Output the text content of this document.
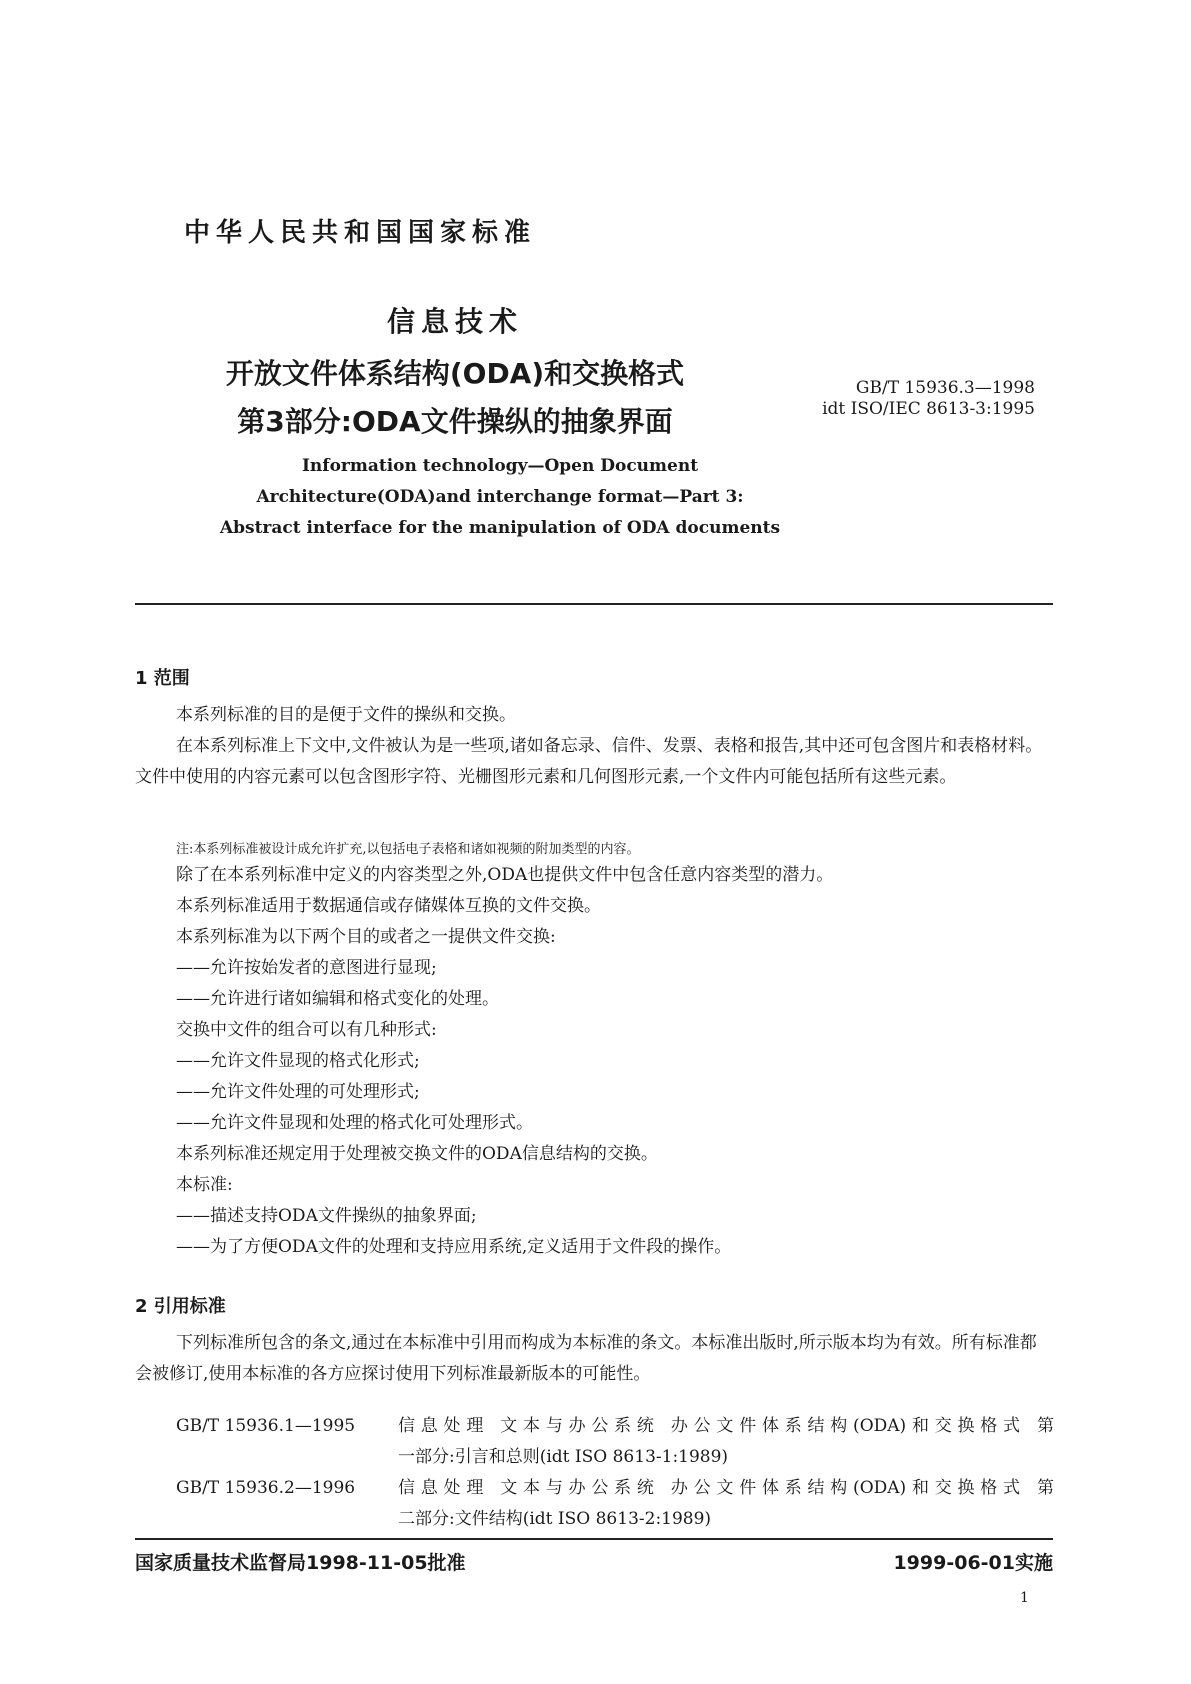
中华人民共和国国家标准
信息技术
开放文件体系结构(ODA)和交换格式
第3部分:ODA文件操纵的抽象界面
GB/T 15936.3—1998
idt ISO/IEC 8613-3:1995
Information technology—Open Document
Architecture(ODA)and interchange format—Part 3:
Abstract interface for the manipulation of ODA documents
1 范围
本系列标准的目的是便于文件的操纵和交换。
在本系列标准上下文中,文件被认为是一些项,诸如备忘录、信件、发票、表格和报告,其中还可包含图片和表格材料。文件中使用的内容元素可以包含图形字符、光栅图形元素和几何图形元素,一个文件内可能包括所有这些元素。
注:本系列标准被设计成允许扩充,以包括电子表格和诸如视频的附加类型的内容。
除了在本系列标准中定义的内容类型之外,ODA也提供文件中包含任意内容类型的潜力。
本系列标准适用于数据通信或存储媒体互换的文件交换。
本系列标准为以下两个目的或者之一提供文件交换:
——允许按始发者的意图进行显现;
——允许进行诸如编辑和格式变化的处理。
交换中文件的组合可以有几种形式:
——允许文件显现的格式化形式;
——允许文件处理的可处理形式;
——允许文件显现和处理的格式化可处理形式。
本系列标准还规定用于处理被交换文件的ODA信息结构的交换。
本标准:
——描述支持ODA文件操纵的抽象界面;
——为了方便ODA文件的处理和支持应用系统,定义适用于文件段的操作。
2 引用标准
下列标准所包含的条文,通过在本标准中引用而构成为本标准的条文。本标准出版时,所示版本均为有效。所有标准都会被修订,使用本标准的各方应探讨使用下列标准最新版本的可能性。
GB/T 15936.1—1995	信息处理 文本与办公系统 办公文件体系结构(ODA)和交换格式 第
一部分:引言和总则(idt ISO 8613-1:1989)
GB/T 15936.2—1996	信息处理 文本与办公系统 办公文件体系结构(ODA)和交换格式 第
二部分:文件结构(idt ISO 8613-2:1989)
国家质量技术监督局1998-11-05批准	1999-06-01实施
1
